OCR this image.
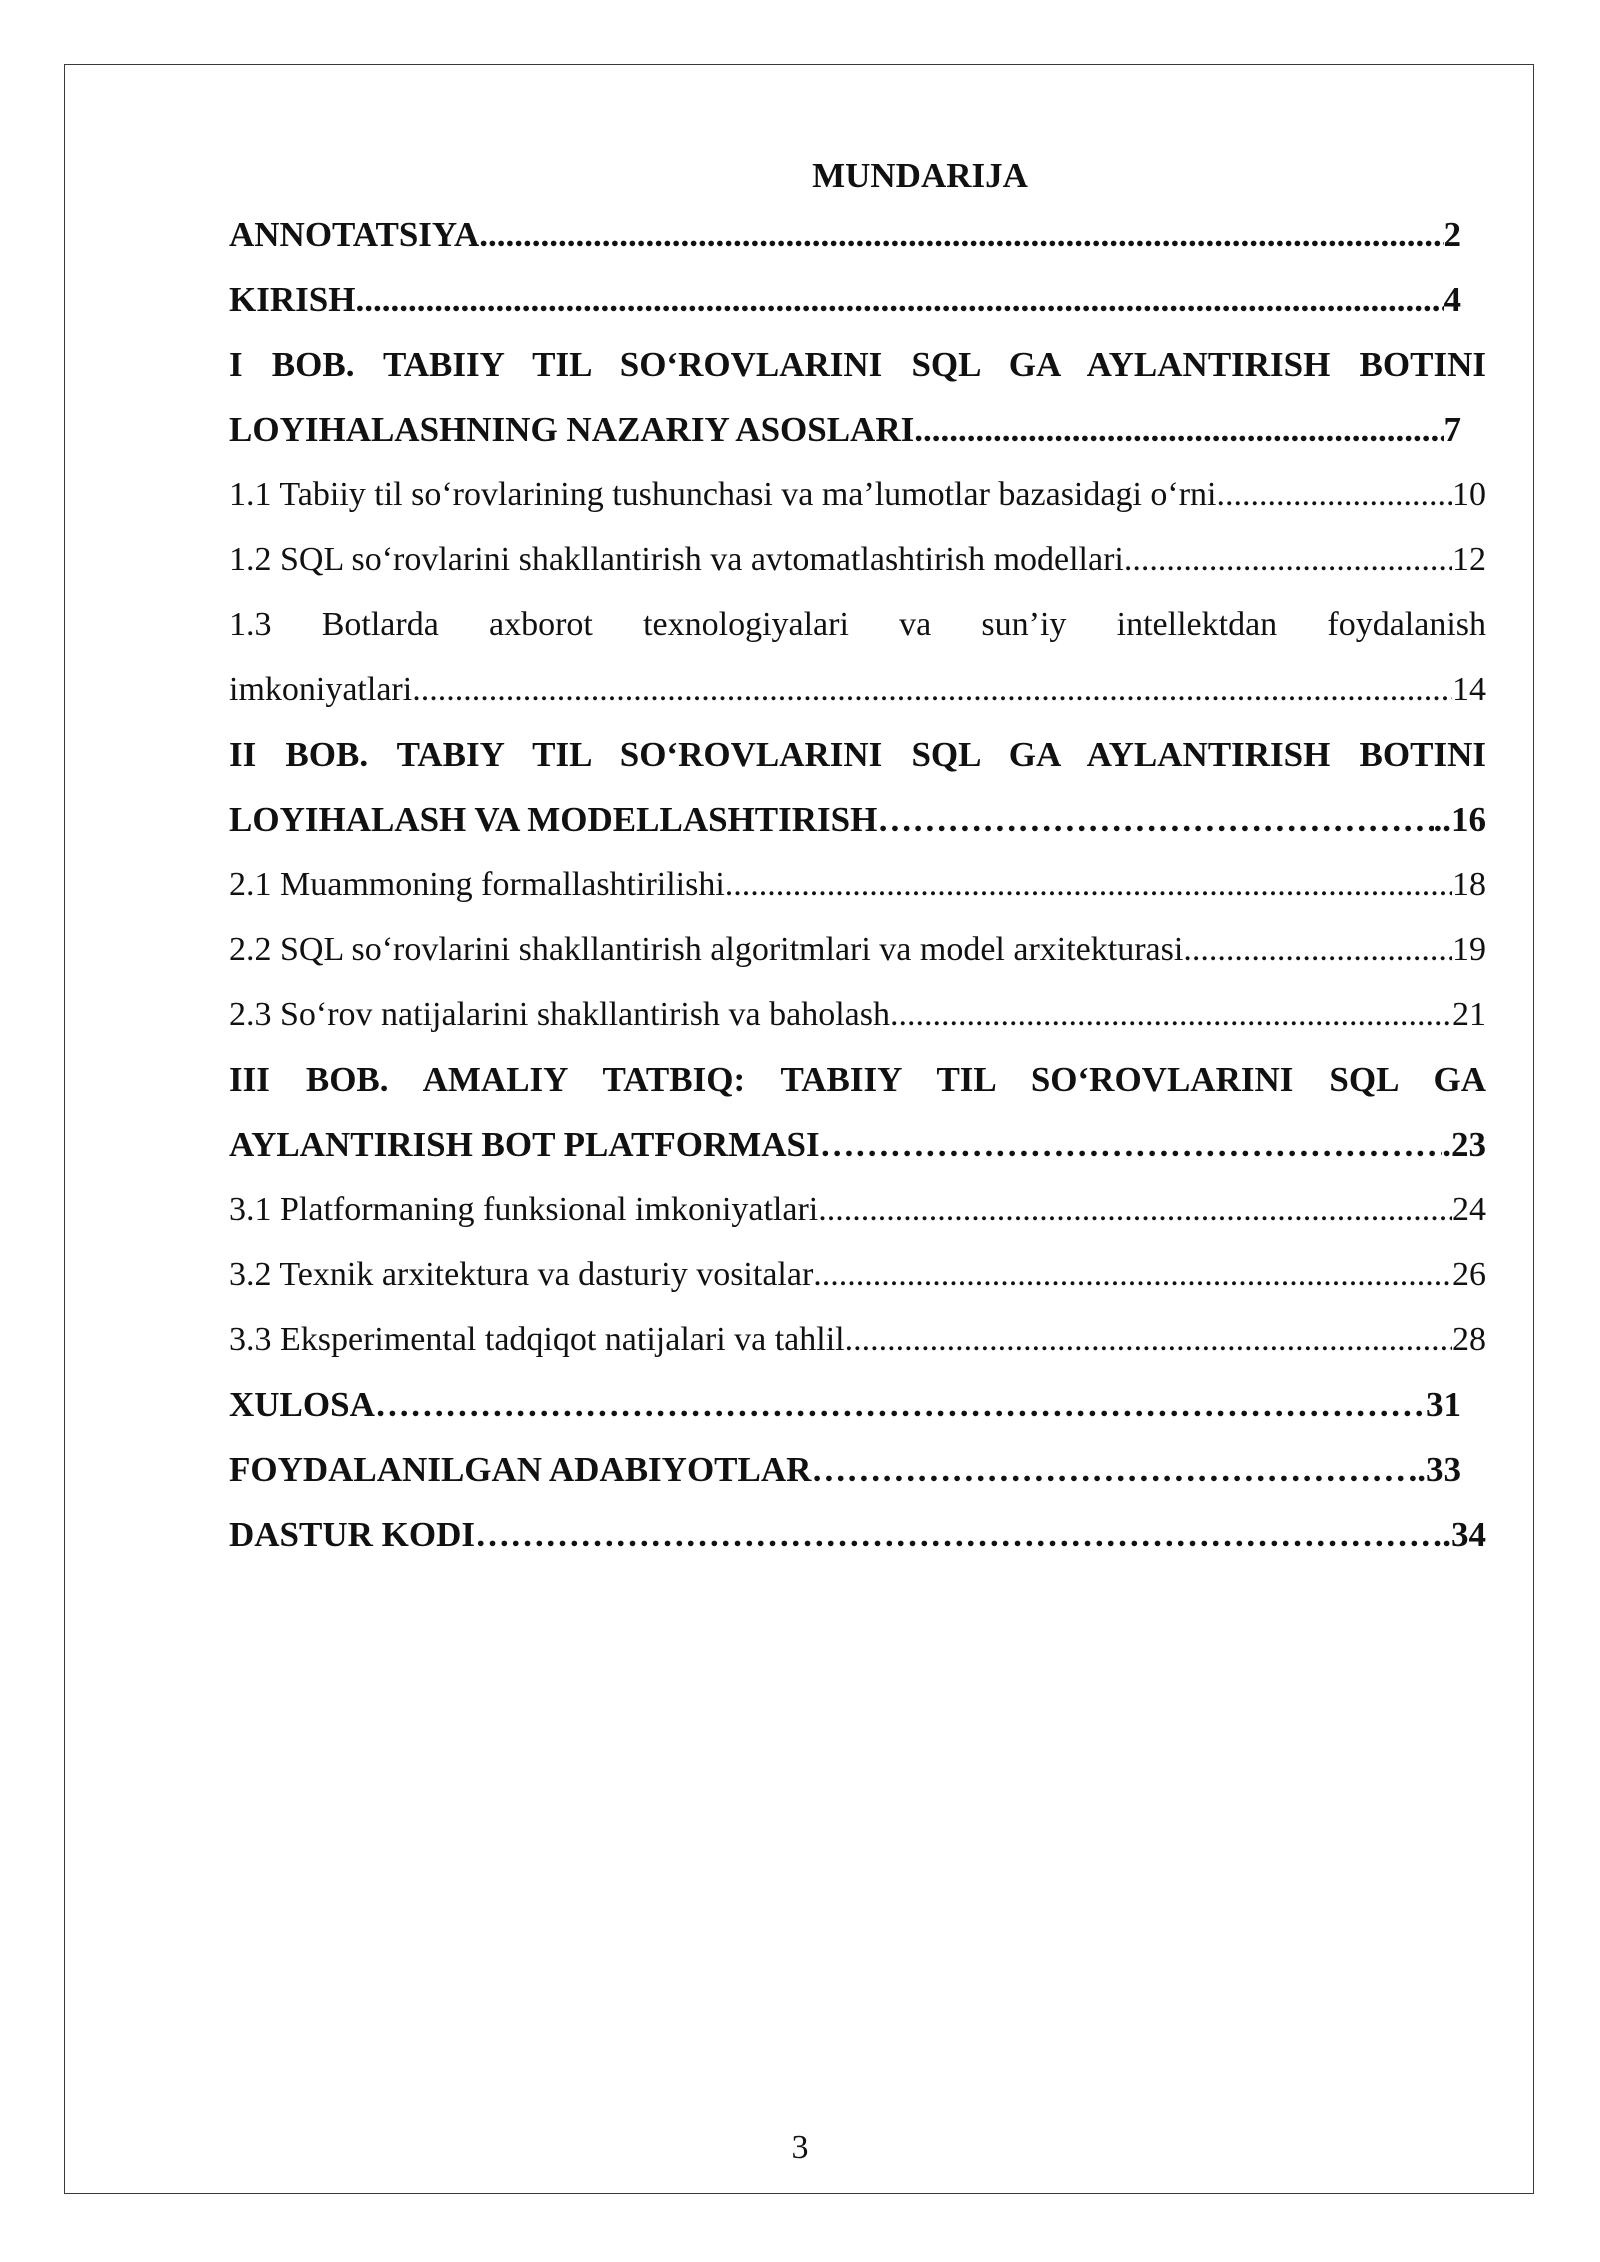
MUNDARIJA
ANNOTATSIYA .....	2
KIRISH .....	4
I BOB. TABIIY TIL SO‘ROVLARINI SQL GA AYLANTIRISH BOTINI
LOYIHALASHNING NAZARIY ASOSLARI .....	7
1.1 Tabiiy til so‘rovlarining tushunchasi va ma’lumotlar bazasidagi o‘rni .....	10
1.2 SQL so‘rovlarini shakllantirish va avtomatlashtirish modellari .....	12
1.3 Botlarda axborot texnologiyalari va sun’iy intellektdan foydalanish
imkoniyatlari .....	14
II BOB. TABIY TIL SO‘ROVLARINI SQL GA AYLANTIRISH BOTINI
LOYIHALASH VA MODELLASHTIRISH ………………………………………………………………………………………………………………………………………………………………………………………………………………………	..16
2.1 Muammoning formallashtirilishi .....	18
2.2 SQL so‘rovlarini shakllantirish algoritmlari va model arxitekturasi .....	19
2.3 So‘rov natijalarini shakllantirish va baholash .....	21
III BOB. AMALIY TATBIQ: TABIIY TIL SO‘ROVLARINI SQL GA
AYLANTIRISH BOT PLATFORMASI ………………………………………………………………………………………………………………………………………………………………………………………………………………………	.23
3.1 Platformaning funksional imkoniyatlari .....	24
3.2 Texnik arxitektura va dasturiy vositalar .....	26
3.3 Eksperimental tadqiqot natijalari va tahlil .....	28
XULOSA ………………………………………………………………………………………………………………………………………………………………………………………………………………………	31
FOYDALANILGAN ADABIYOTLAR ………………………………………………………………………………………………………………………………………………………………………………………………………………………	..33
DASTUR KODI ………………………………………………………………………………………………………………………………………………………………………………………………………………………	.34
3
